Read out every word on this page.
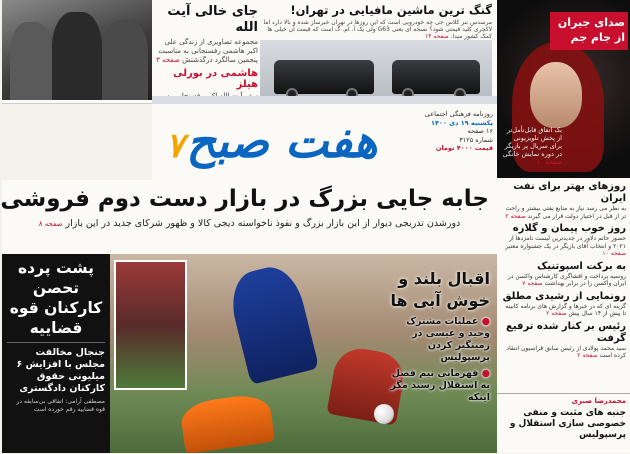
جای خالی آیت الله

مجموعه تصاویری از زندگی علی اکبر هاشمی رفسنجانی به مناسبت پنجمین سالگرد درگذشتش صفحه ۳

هاشمی در بورلی هیلز

گنگ ترین ماشین مافیایی در تهران!

مرسدس بنز کلاس جی چه خودرویی است که این روزها در تهران خبرساز شده و بالا دارد اما لاکچری کلید قیمتی شود؟ نسخه ای یعنی G63 ولی یک آ. ام. گ است که قیمت آن خیلی ها کمک کشور میدا. صفحه ۱۴

هفت صبح
۷
روزنامه فرهنگی اجتماعی
یکشنبه ۱۹ دی ۱۴۰۰
۱۶ صفحه
شماره ۳۱۲۵
قیمت ۴۰۰۰ تومان
جابه جایی بزرگ در بازار دست دوم فروشی
دورشدن تدریجی دیوار از این بازار بزرگ و نفوذ ناخواسته دیجی کالا و ظهور شرکای جدید در این بازار صفحه ۸
صدای جیران از جام جم
بک اتفاق قابل‌تأمل‌تر از پخش تلویزیونی برای سریال پر بازیگر در دوره نمایش خانگی صفحه ۱۰
روزهای بهتر برای نفت ایران

به نظر می رسد نیاز به منابع نفتی بیشتر و راحت تر از قبل در اختیار دولت قرار می گیرند صفحه ۲

روز خوب پیمان و گلاره

حضور حاتم دلاور در جدیدترین لیست نامزدها از ۲۰۲۱ و انتخاب آقای بازیگر در یک جشنواره معتبر صفحه ۱۰

به برکت اسپوتنیک

روسیه پرداخت و افشاگری کارشناس واکسن در ایران واکسن را در برابر بهداشت صفحه ۷

رونمایی از رشیدی مطلق

گزینه ای که در خبرها و گزارش های برنامه کابینه تا پیش از ۱۴ سال پیش صفحه ۲

رئیس بر کنار شده ترفیع گرفت

سید محمد پولادی از رئیس سابق قراسیون انتقاد کرده است صفحه ۲

محمدرضا صبری
جنبه های مثبت و منفی خصوصی سازی استقلال و پرسپولیس
پشت پرده تحصن کارکنان قوه قضاییه
جنجال مخالفت مجلس با افزایش ۶ میلیونی حقوق کارکنان دادگستری

مصطفی آرامی: اتفاقی بی‌سابقه در قوه قضاییه رقم خورده است

اقبال بلند و خوش آبی ها
● عملیات مشترک وحید و عیسی در زمینگیر کردن پرسپولیس
● قهرمانی نیم فصل به استقلال رسید مگر اینکه
